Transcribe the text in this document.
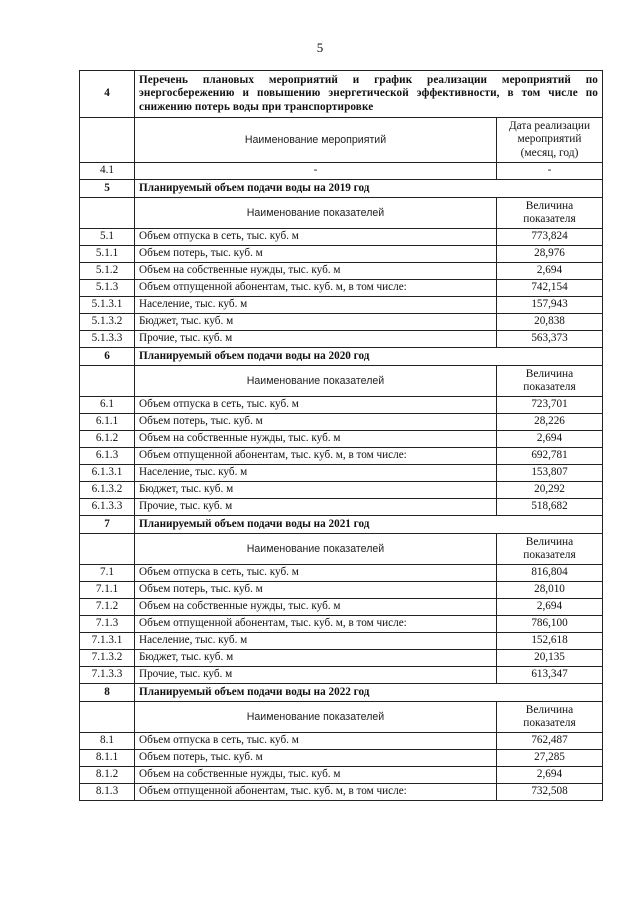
5
4	Перечень плановых мероприятий и график реализации мероприятий по энергосбережению и повышению энергетической эффективности, в том числе по снижению потерь воды при транспортировке	
	Наименование мероприятий	Дата реализации мероприятий (месяц, год)
4.1	-	-
5	Планируемый объем подачи воды на 2019 год	
	Наименование показателей	Величина показателя
5.1	Объем отпуска в сеть, тыс. куб. м	773,824
5.1.1	Объем потерь, тыс. куб. м	28,976
5.1.2	Объем на собственные нужды, тыс. куб. м	2,694
5.1.3	Объем отпущенной абонентам, тыс. куб. м, в том числе:	742,154
5.1.3.1	Население, тыс. куб. м	157,943
5.1.3.2	Бюджет, тыс. куб. м	20,838
5.1.3.3	Прочие, тыс. куб. м	563,373
6	Планируемый объем подачи воды на 2020 год	
	Наименование показателей	Величина показателя
6.1	Объем отпуска в сеть, тыс. куб. м	723,701
6.1.1	Объем потерь, тыс. куб. м	28,226
6.1.2	Объем на собственные нужды, тыс. куб. м	2,694
6.1.3	Объем отпущенной абонентам, тыс. куб. м, в том числе:	692,781
6.1.3.1	Население, тыс. куб. м	153,807
6.1.3.2	Бюджет, тыс. куб. м	20,292
6.1.3.3	Прочие, тыс. куб. м	518,682
7	Планируемый объем подачи воды на 2021 год	
	Наименование показателей	Величина показателя
7.1	Объем отпуска в сеть, тыс. куб. м	816,804
7.1.1	Объем потерь, тыс. куб. м	28,010
7.1.2	Объем на собственные нужды, тыс. куб. м	2,694
7.1.3	Объем отпущенной абонентам, тыс. куб. м, в том числе:	786,100
7.1.3.1	Население, тыс. куб. м	152,618
7.1.3.2	Бюджет, тыс. куб. м	20,135
7.1.3.3	Прочие, тыс. куб. м	613,347
8	Планируемый объем подачи воды на 2022 год	
	Наименование показателей	Величина показателя
8.1	Объем отпуска в сеть, тыс. куб. м	762,487
8.1.1	Объем потерь, тыс. куб. м	27,285
8.1.2	Объем на собственные нужды, тыс. куб. м	2,694
8.1.3	Объем отпущенной абонентам, тыс. куб. м, в том числе:	732,508
